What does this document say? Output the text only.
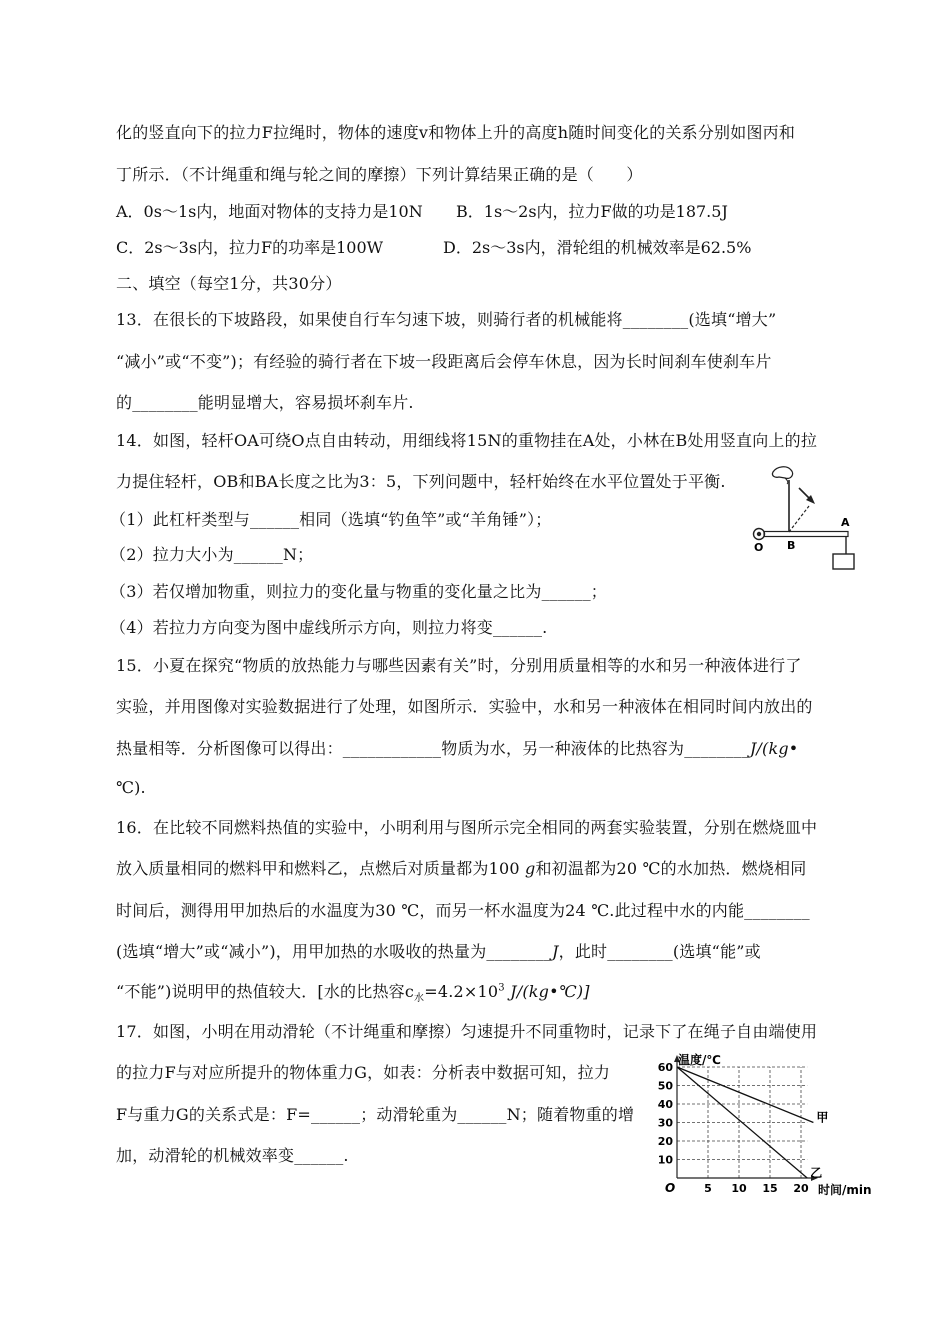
化的竖直向下的拉力F拉绳时，物体的速度v和物体上升的高度h随时间变化的关系分别如图丙和
丁所示．（不计绳重和绳与轮之间的摩擦）下列计算结果正确的是（　　）
A．0s～1s内，地面对物体的支持力是10N B．1s～2s内，拉力F做的功是187.5J
C．2s～3s内，拉力F的功率是100W	D．2s～3s内，滑轮组的机械效率是62.5%
二、填空（每空1分，共30分）
13．在很长的下坡路段，如果使自行车匀速下坡，则骑行者的机械能将________(选填“增大”
“减小”或“不变”)；有经验的骑行者在下坡一段距离后会停车休息，因为长时间刹车使刹车片
的________能明显增大，容易损坏刹车片.
14．如图，轻杆OA可绕O点自由转动，用细线将15N的重物挂在A处，小林在B处用竖直向上的拉
力提住轻杆，OB和BA长度之比为3：5，下列问题中，轻杆始终在水平位置处于平衡.
（1）此杠杆类型与______相同（选填“钓鱼竿”或“羊角锤”）；
（2）拉力大小为______N；
（3）若仅增加物重，则拉力的变化量与物重的变化量之比为______；
（4）若拉力方向变为图中虚线所示方向，则拉力将变______.
O B
A
15．小夏在探究“物质的放热能力与哪些因素有关”时，分别用质量相等的水和另一种液体进行了
实验，并用图像对实验数据进行了处理，如图所示．实验中，水和另一种液体在相同时间内放出的
热量相等．分析图像可以得出：____________物质为水，另一种液体的比热容为________J/(kg•
℃).
16．在比较不同燃料热值的实验中，小明利用与图所示完全相同的两套实验装置，分别在燃烧皿中
放入质量相同的燃料甲和燃料乙，点燃后对质量都为100 g和初温都为20 ℃的水加热．燃烧相同
时间后，测得用甲加热后的水温度为30 ℃，而另一杯水温度为24 ℃.此过程中水的内能________
(选填“增大”或“减小”)，用甲加热的水吸收的热量为________J，此时________(选填“能”或
“不能”)说明甲的热值较大．[水的比热容$c_水=4.2\times 10^3$ J/(kg•℃)]
17．如图，小明在用动滑轮（不计绳重和摩擦）匀速提升不同重物时，记录下了在绳子自由端使用
的拉力F与对应所提升的物体重力G，如表：分析表中数据可知，拉力
F与重力G的关系式是：F=______；动滑轮重为______N；随着物重的增
加，动滑轮的机械效率变______.	10
20
30
40
50
60
5 10 15 20
甲
乙
温度/℃
时间/min
O
